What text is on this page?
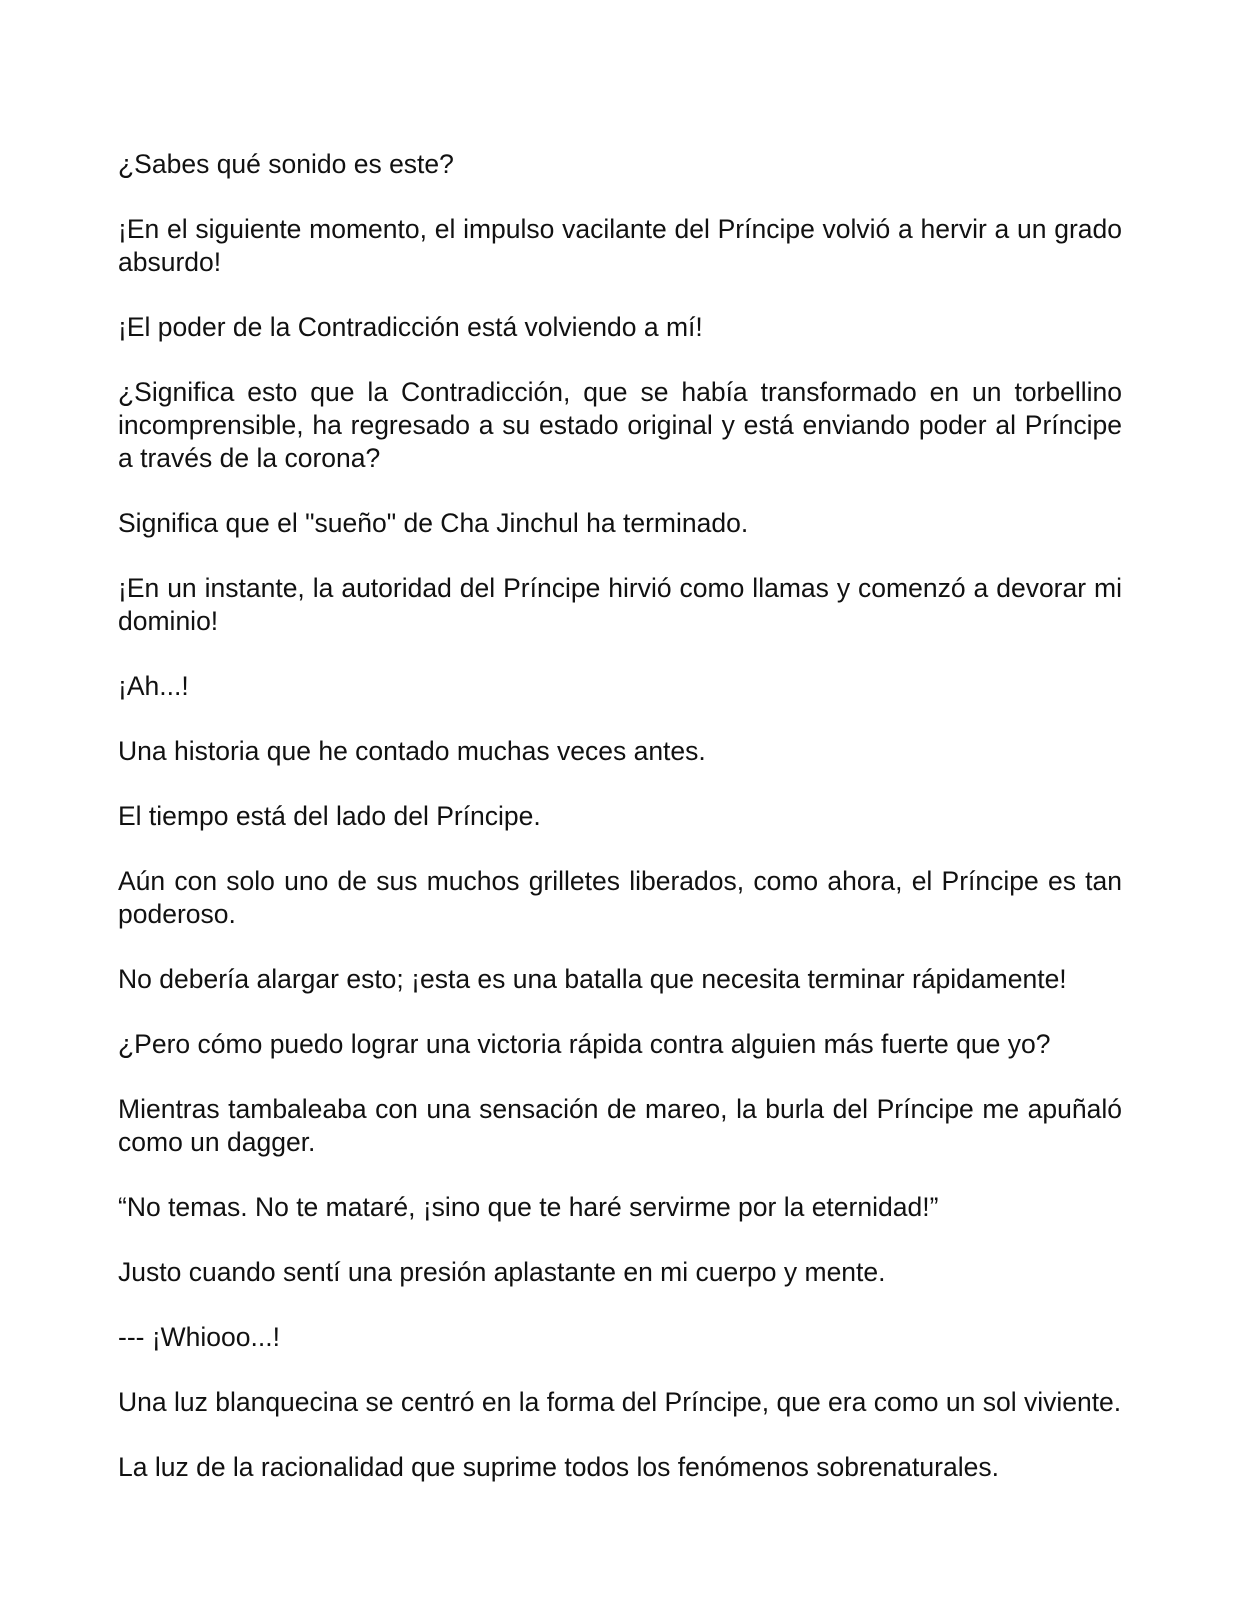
¿Sabes qué sonido es este?

¡En el siguiente momento, el impulso vacilante del Príncipe volvió a hervir a un grado absurdo!

¡El poder de la Contradicción está volviendo a mí!

¿Significa esto que la Contradicción, que se había transformado en un torbellino incomprensible, ha regresado a su estado original y está enviando poder al Príncipe a través de la corona?

Significa que el "sueño" de Cha Jinchul ha terminado.

¡En un instante, la autoridad del Príncipe hirvió como llamas y comenzó a devorar mi dominio!

¡Ah...!

Una historia que he contado muchas veces antes.

El tiempo está del lado del Príncipe.

Aún con solo uno de sus muchos grilletes liberados, como ahora, el Príncipe es tan poderoso.

No debería alargar esto; ¡esta es una batalla que necesita terminar rápidamente!

¿Pero cómo puedo lograr una victoria rápida contra alguien más fuerte que yo?

Mientras tambaleaba con una sensación de mareo, la burla del Príncipe me apuñaló como un dagger.

“No temas. No te mataré, ¡sino que te haré servirme por la eternidad!”

Justo cuando sentí una presión aplastante en mi cuerpo y mente.

--- ¡Whiooo...!

Una luz blanquecina se centró en la forma del Príncipe, que era como un sol viviente.

La luz de la racionalidad que suprime todos los fenómenos sobrenaturales.
